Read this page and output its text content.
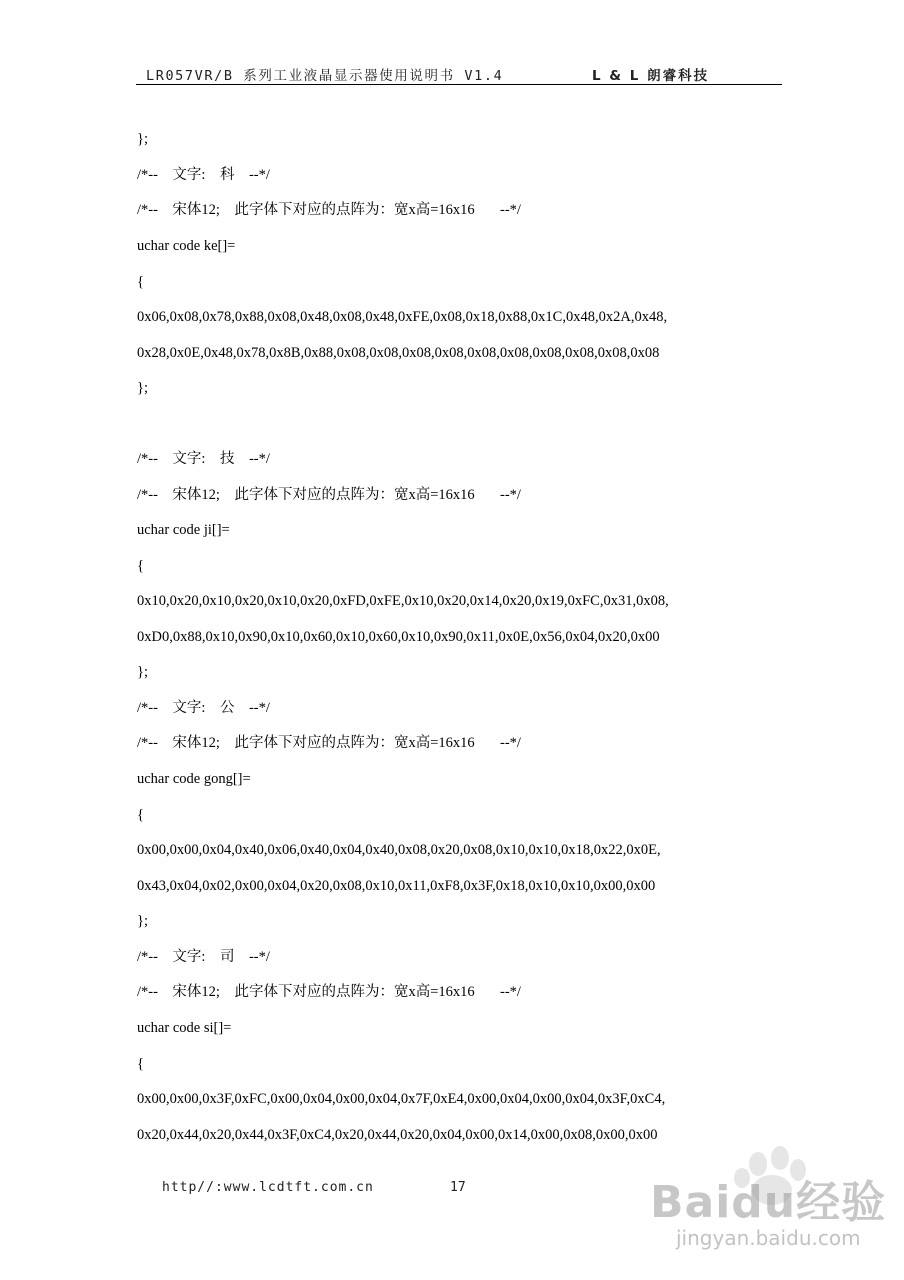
LR057VR/B 系列工业液晶显示器使用说明书 V1.4	L & L 朗睿科技
};
/*--    文字:    科    --*/
/*--    宋体12;    此字体下对应的点阵为：宽x高=16x16       --*/
uchar code ke[]=
{
0x06,0x08,0x78,0x88,0x08,0x48,0x08,0x48,0xFE,0x08,0x18,0x88,0x1C,0x48,0x2A,0x48,
0x28,0x0E,0x48,0x78,0x8B,0x88,0x08,0x08,0x08,0x08,0x08,0x08,0x08,0x08,0x08,0x08
};
/*--    文字:    技    --*/
/*--    宋体12;    此字体下对应的点阵为：宽x高=16x16       --*/
uchar code ji[]=
{
0x10,0x20,0x10,0x20,0x10,0x20,0xFD,0xFE,0x10,0x20,0x14,0x20,0x19,0xFC,0x31,0x08,
0xD0,0x88,0x10,0x90,0x10,0x60,0x10,0x60,0x10,0x90,0x11,0x0E,0x56,0x04,0x20,0x00
};
/*--    文字:    公    --*/
/*--    宋体12;    此字体下对应的点阵为：宽x高=16x16       --*/
uchar code gong[]=
{
0x00,0x00,0x04,0x40,0x06,0x40,0x04,0x40,0x08,0x20,0x08,0x10,0x10,0x18,0x22,0x0E,
0x43,0x04,0x02,0x00,0x04,0x20,0x08,0x10,0x11,0xF8,0x3F,0x18,0x10,0x10,0x00,0x00
};
/*--    文字:    司    --*/
/*--    宋体12;    此字体下对应的点阵为：宽x高=16x16       --*/
uchar code si[]=
{
0x00,0x00,0x3F,0xFC,0x00,0x04,0x00,0x04,0x7F,0xE4,0x00,0x04,0x00,0x04,0x3F,0xC4,
0x20,0x44,0x20,0x44,0x3F,0xC4,0x20,0x44,0x20,0x04,0x00,0x14,0x00,0x08,0x00,0x00
http//:www.lcdtft.com.cn	17	Baidu经验
jingyan.baidu.com
